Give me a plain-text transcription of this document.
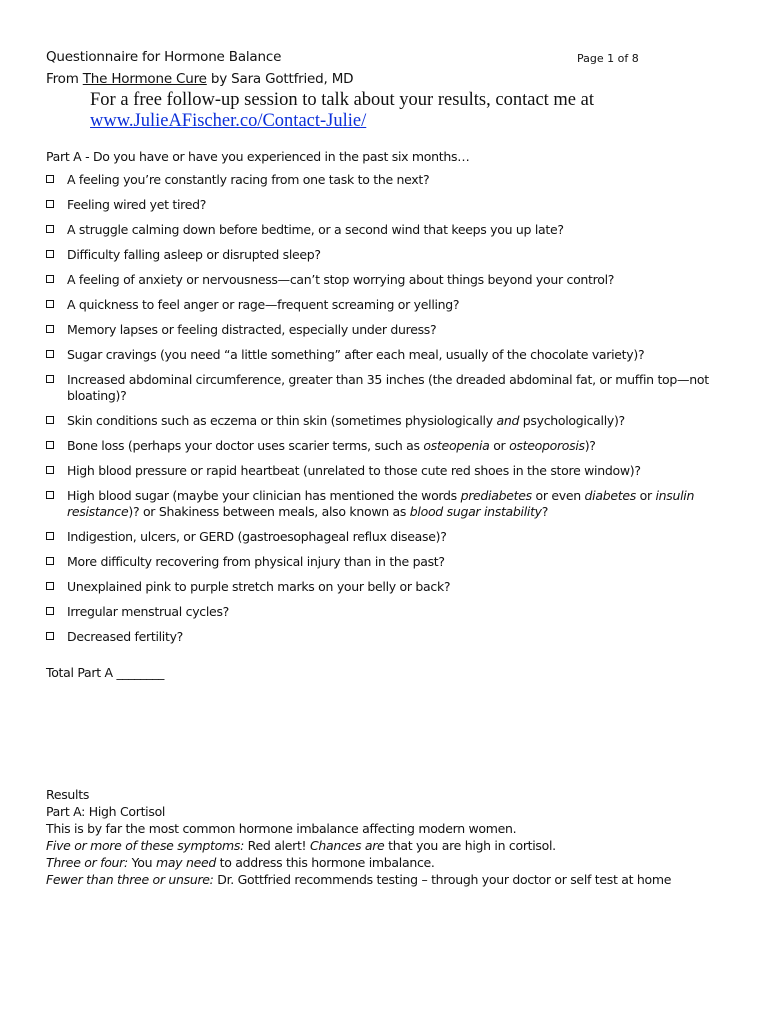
Questionnaire for Hormone Balance	Page 1 of 8
From The Hormone Cure by Sara Gottfried, MD
For a free follow-up session to talk about your results, contact me at
www.JulieAFischer.co/Contact-Julie/
Part A - Do you have or have you experienced in the past six months…
A feeling you’re constantly racing from one task to the next?
Feeling wired yet tired?
A struggle calming down before bedtime, or a second wind that keeps you up late?
Difficulty falling asleep or disrupted sleep?
A feeling of anxiety or nervousness—can’t stop worrying about things beyond your control?
A quickness to feel anger or rage—frequent screaming or yelling?
Memory lapses or feeling distracted, especially under duress?
Sugar cravings (you need “a little something” after each meal, usually of the chocolate variety)?
Increased abdominal circumference, greater than 35 inches (the dreaded abdominal fat, or muffin top—not bloating)?
Skin conditions such as eczema or thin skin (sometimes physiologically and psychologically)?
Bone loss (perhaps your doctor uses scarier terms, such as osteopenia or osteoporosis)?
High blood pressure or rapid heartbeat (unrelated to those cute red shoes in the store window)?
High blood sugar (maybe your clinician has mentioned the words prediabetes or even diabetes or insulin resistance)? or Shakiness between meals, also known as blood sugar instability?
Indigestion, ulcers, or GERD (gastroesophageal reflux disease)?
More difficulty recovering from physical injury than in the past?
Unexplained pink to purple stretch marks on your belly or back?
Irregular menstrual cycles?
Decreased fertility?
Total Part A ________
Results
Part A: High Cortisol
This is by far the most common hormone imbalance affecting modern women.
Five or more of these symptoms: Red alert! Chances are that you are high in cortisol.
Three or four: You may need to address this hormone imbalance.
Fewer than three or unsure: Dr. Gottfried recommends testing – through your doctor or self test at home
